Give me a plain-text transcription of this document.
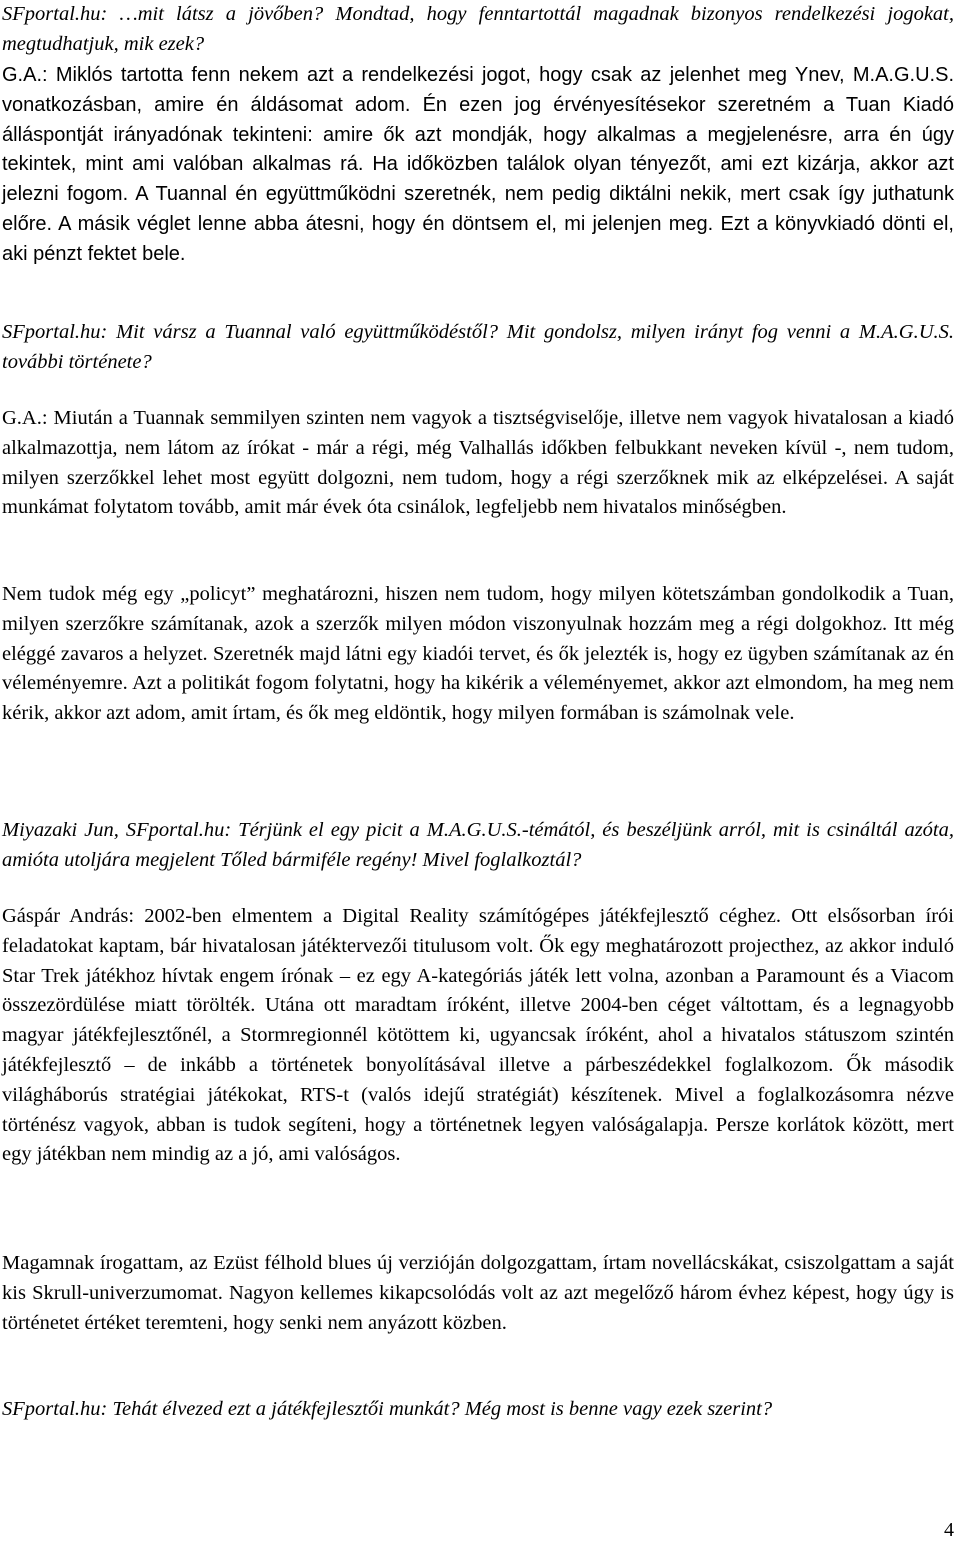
SFportal.hu: …mit látsz a jövőben? Mondtad, hogy fenntartottál magadnak bizonyos rendelkezési jogokat, megtudhatjuk, mik ezek?

G.A.: Miklós tartotta fenn nekem azt a rendelkezési jogot, hogy csak az jelenhet meg Ynev, M.A.G.U.S. vonatkozásban, amire én áldásomat adom. Én ezen jog érvényesítésekor szeretném a Tuan Kiadó álláspontját irányadónak tekinteni: amire ők azt mondják, hogy alkalmas a megjelenésre, arra én úgy tekintek, mint ami valóban alkalmas rá. Ha időközben találok olyan tényezőt, ami ezt kizárja, akkor azt jelezni fogom. A Tuannal én együttműködni szeretnék, nem pedig diktálni nekik, mert csak így juthatunk előre. A másik véglet lenne abba átesni, hogy én döntsem el, mi jelenjen meg. Ezt a könyvkiadó dönti el, aki pénzt fektet bele.

SFportal.hu: Mit vársz a Tuannal való együttműködéstől? Mit gondolsz, milyen irányt fog venni a M.A.G.U.S. további története?

G.A.: Miután a Tuannak semmilyen szinten nem vagyok a tisztségviselője, illetve nem vagyok hivatalosan a kiadó alkalmazottja, nem látom az írókat - már a régi, még Valhallás időkben felbukkant neveken kívül -, nem tudom, milyen szerzőkkel lehet most együtt dolgozni, nem tudom, hogy a régi szerzőknek mik az elképzelései. A saját munkámat folytatom tovább, amit már évek óta csinálok, legfeljebb nem hivatalos minőségben.

Nem tudok még egy „policyt” meghatározni, hiszen nem tudom, hogy milyen kötetszámban gondolkodik a Tuan, milyen szerzőkre számítanak, azok a szerzők milyen módon viszonyulnak hozzám meg a régi dolgokhoz. Itt még eléggé zavaros a helyzet. Szeretnék majd látni egy kiadói tervet, és ők jelezték is, hogy ez ügyben számítanak az én véleményemre. Azt a politikát fogom folytatni, hogy ha kikérik a véleményemet, akkor azt elmondom, ha meg nem kérik, akkor azt adom, amit írtam, és ők meg eldöntik, hogy milyen formában is számolnak vele.

Miyazaki Jun, SFportal.hu: Térjünk el egy picit a M.A.G.U.S.-témától, és beszéljünk arról, mit is csináltál azóta, amióta utoljára megjelent Tőled bármiféle regény! Mivel foglalkoztál?

Gáspár András: 2002-ben elmentem a Digital Reality számítógépes játékfejlesztő céghez. Ott elsősorban írói feladatokat kaptam, bár hivatalosan játéktervezői titulusom volt. Ők egy meghatározott projecthez, az akkor induló Star Trek játékhoz hívtak engem írónak – ez egy A-kategóriás játék lett volna, azonban a Paramount és a Viacom összezördülése miatt törölték. Utána ott maradtam íróként, illetve 2004-ben céget váltottam, és a legnagyobb magyar játékfejlesztőnél, a Stormregionnél kötöttem ki, ugyancsak íróként, ahol a hivatalos státuszom szintén játékfejlesztő – de inkább a történetek bonyolításával illetve a párbeszédekkel foglalkozom. Ők második világháborús stratégiai játékokat, RTS-t (valós idejű stratégiát) készítenek. Mivel a foglalkozásomra nézve történész vagyok, abban is tudok segíteni, hogy a történetnek legyen valóságalapja. Persze korlátok között, mert egy játékban nem mindig az a jó, ami valóságos.

Magamnak írogattam, az Ezüst félhold blues új verzióján dolgozgattam, írtam novellácskákat, csiszolgattam a saját kis Skrull-univerzumomat. Nagyon kellemes kikapcsolódás volt az azt megelőző három évhez képest, hogy úgy is történetet értéket teremteni, hogy senki nem anyázott közben.

SFportal.hu: Tehát élvezed ezt a játékfejlesztői munkát? Még most is benne vagy ezek szerint?

4
